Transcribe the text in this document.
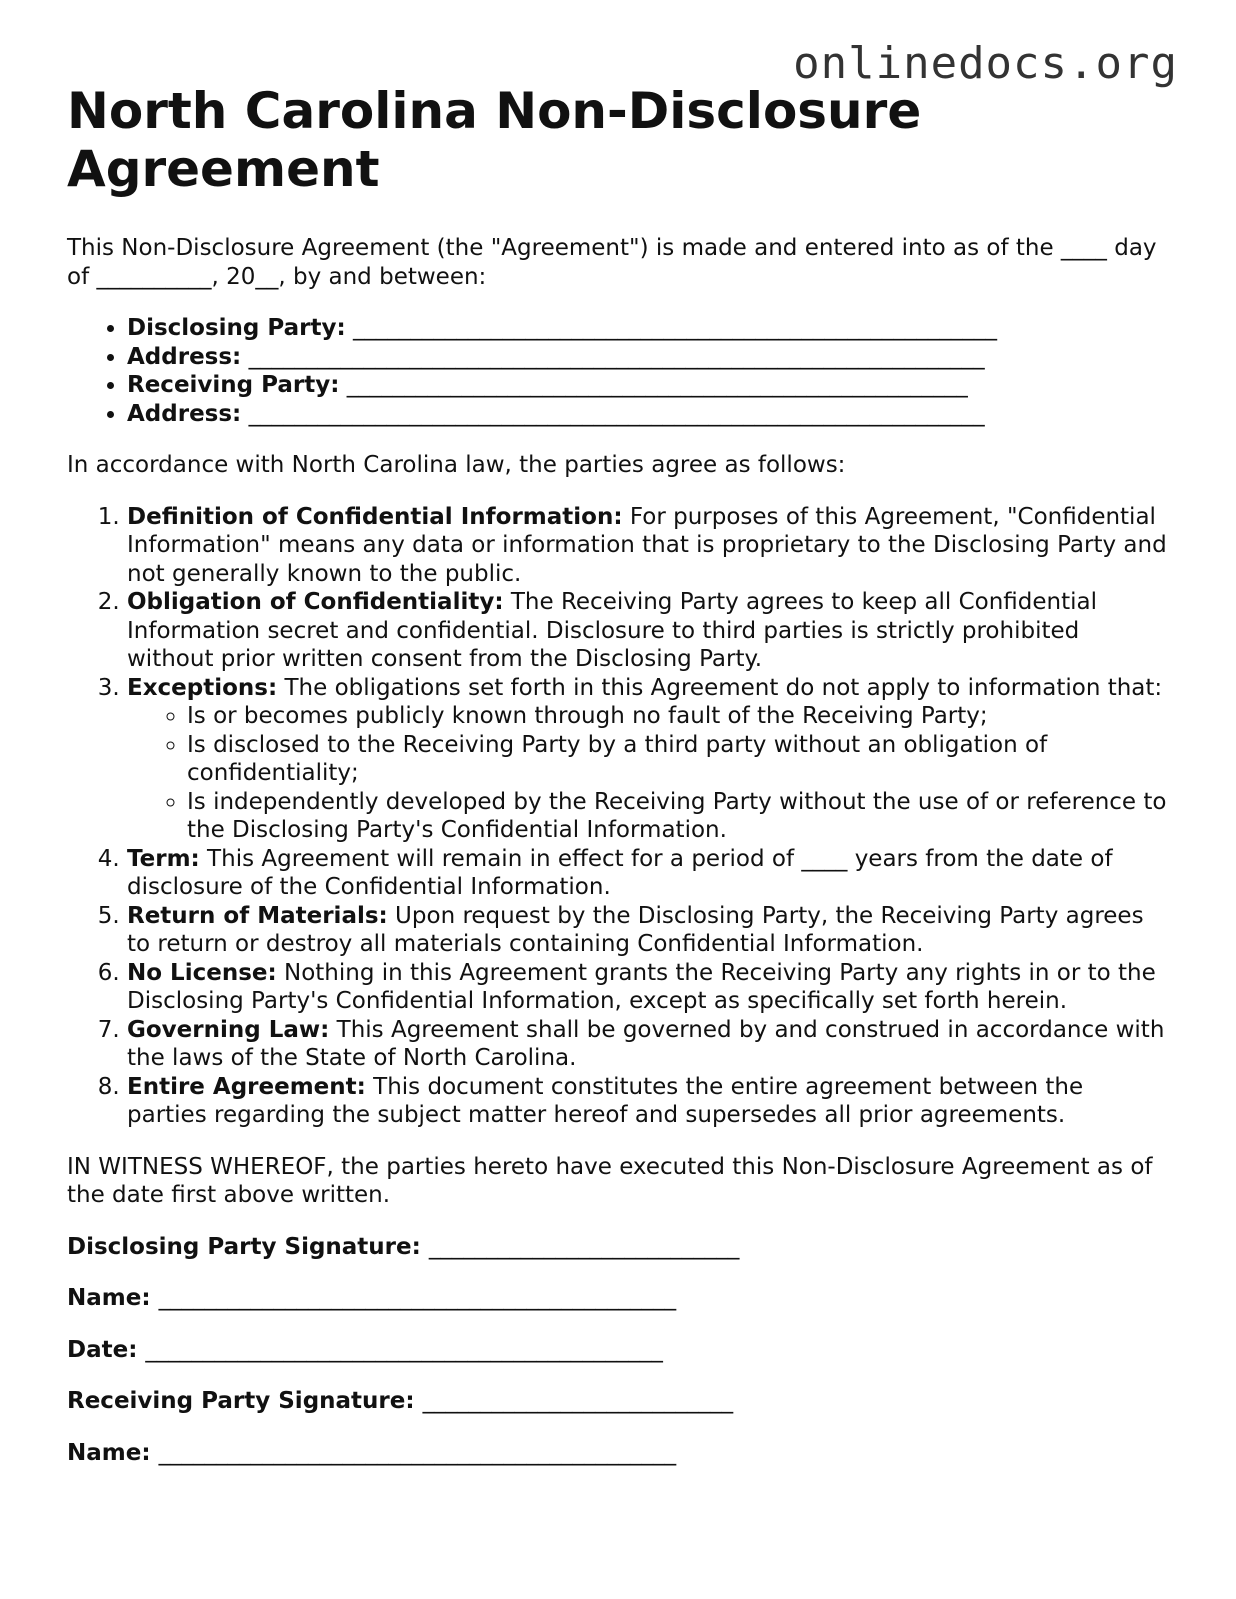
onlinedocs.org
North Carolina Non-Disclosure Agreement

This Non-Disclosure Agreement (the "Agreement") is made and entered into as of the ____ day of __________, 20__, by and between:

• Disclosing Party: ________________________________________________________
• Address: ________________________________________________________________
• Receiving Party: ______________________________________________________
• Address: ________________________________________________________________

In accordance with North Carolina law, the parties agree as follows:

1. Definition of Confidential Information: For purposes of this Agreement, "Confidential Information" means any data or information that is proprietary to the Disclosing Party and not generally known to the public.
2. Obligation of Confidentiality: The Receiving Party agrees to keep all Confidential Information secret and confidential. Disclosure to third parties is strictly prohibited without prior written consent from the Disclosing Party.
3. Exceptions: The obligations set forth in this Agreement do not apply to information that:
◦ Is or becomes publicly known through no fault of the Receiving Party;
◦ Is disclosed to the Receiving Party by a third party without an obligation of confidentiality;
◦ Is independently developed by the Receiving Party without the use of or reference to the Disclosing Party's Confidential Information.
4. Term: This Agreement will remain in effect for a period of ____ years from the date of disclosure of the Confidential Information.
5. Return of Materials: Upon request by the Disclosing Party, the Receiving Party agrees to return or destroy all materials containing Confidential Information.
6. No License: Nothing in this Agreement grants the Receiving Party any rights in or to the Disclosing Party's Confidential Information, except as specifically set forth herein.
7. Governing Law: This Agreement shall be governed by and construed in accordance with the laws of the State of North Carolina.
8. Entire Agreement: This document constitutes the entire agreement between the parties regarding the subject matter hereof and supersedes all prior agreements.

IN WITNESS WHEREOF, the parties hereto have executed this Non-Disclosure Agreement as of the date first above written.

Disclosing Party Signature: ___________________________

Name: _____________________________________________

Date: _____________________________________________

Receiving Party Signature: ___________________________

Name: _____________________________________________
